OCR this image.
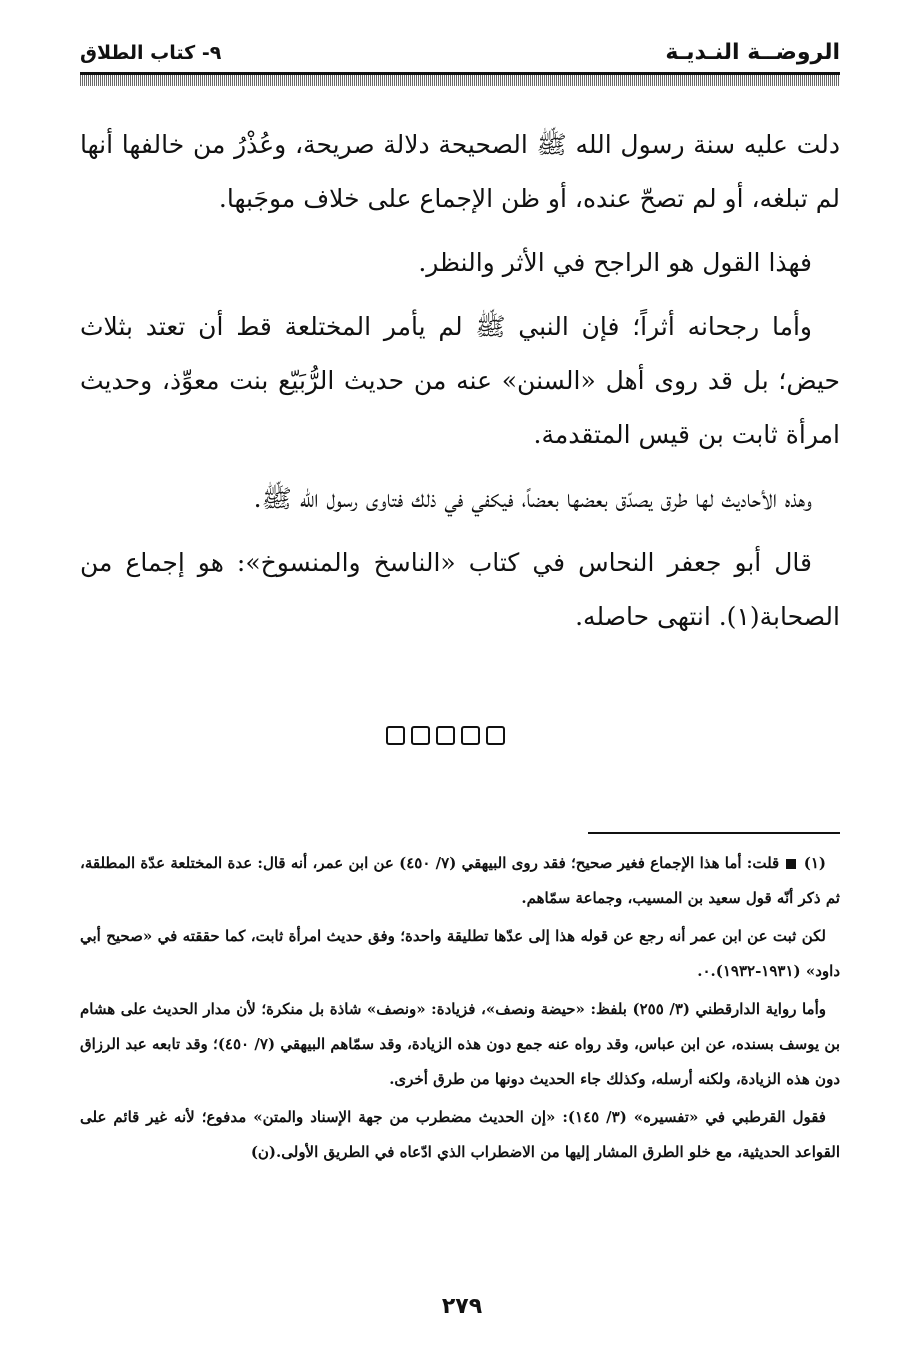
الروضــة النـديـة
٩- كتاب الطلاق

دلت عليه سنة رسول الله ﷺ الصحيحة دلالة صريحة، وعُذْرُ من خالفها أنها لم تبلغه، أو لم تصحّ عنده، أو ظن الإجماع على خلاف موجَبها.

فهذا القول هو الراجح في الأثر والنظر.

وأما رجحانه أثراً؛ فإن النبي ﷺ لم يأمر المختلعة قط أن تعتد بثلاث حيض؛ بل قد روى أهل «السنن» عنه من حديث الرُّبَيّع بنت معوِّذ، وحديث امرأة ثابت بن قيس المتقدمة.

وهذه الأحاديث لها طرق يصدّق بعضها بعضاً، فيكفي في ذلك فتاوى رسول الله ﷺ.

قال أبو جعفر النحاس في كتاب «الناسخ والمنسوخ»: هو إجماع من الصحابة(١). انتهى حاصله.

(١)  قلت: أما هذا الإجماع فغير صحيح؛ فقد روى البيهقي (٧/ ٤٥٠) عن ابن عمر، أنه قال: عدة المختلعة عدّة المطلقة، ثم ذكر أنّه قول سعيد بن المسيب، وجماعة سمّاهم.

لكن ثبت عن ابن عمر أنه رجع عن قوله هذا إلى عدّها تطليقة واحدة؛ وفق حديث امرأة ثابت، كما حققته في «صحيح أبي داود» (١٩٣١-١٩٣٢).٠.

وأما رواية الدارقطني (٣/ ٢٥٥) بلفظ: «حيضة ونصف»، فزيادة: «ونصف» شاذة بل منكرة؛ لأن مدار الحديث على هشام بن يوسف بسنده، عن ابن عباس، وقد رواه عنه جمع دون هذه الزيادة، وقد سمّاهم البيهقي (٧/ ٤٥٠)؛ وقد تابعه عبد الرزاق دون هذه الزيادة، ولكنه أرسله، وكذلك جاء الحديث دونها من طرق أخرى.

فقول القرطبي في «تفسيره» (٣/ ١٤٥): «إن الحديث مضطرب من جهة الإسناد والمتن» مدفوع؛ لأنه غير قائم على القواعد الحديثية، مع خلو الطرق المشار إليها من الاضطراب الذي ادّعاه في الطريق الأولى.(ن)

٢٧٩
